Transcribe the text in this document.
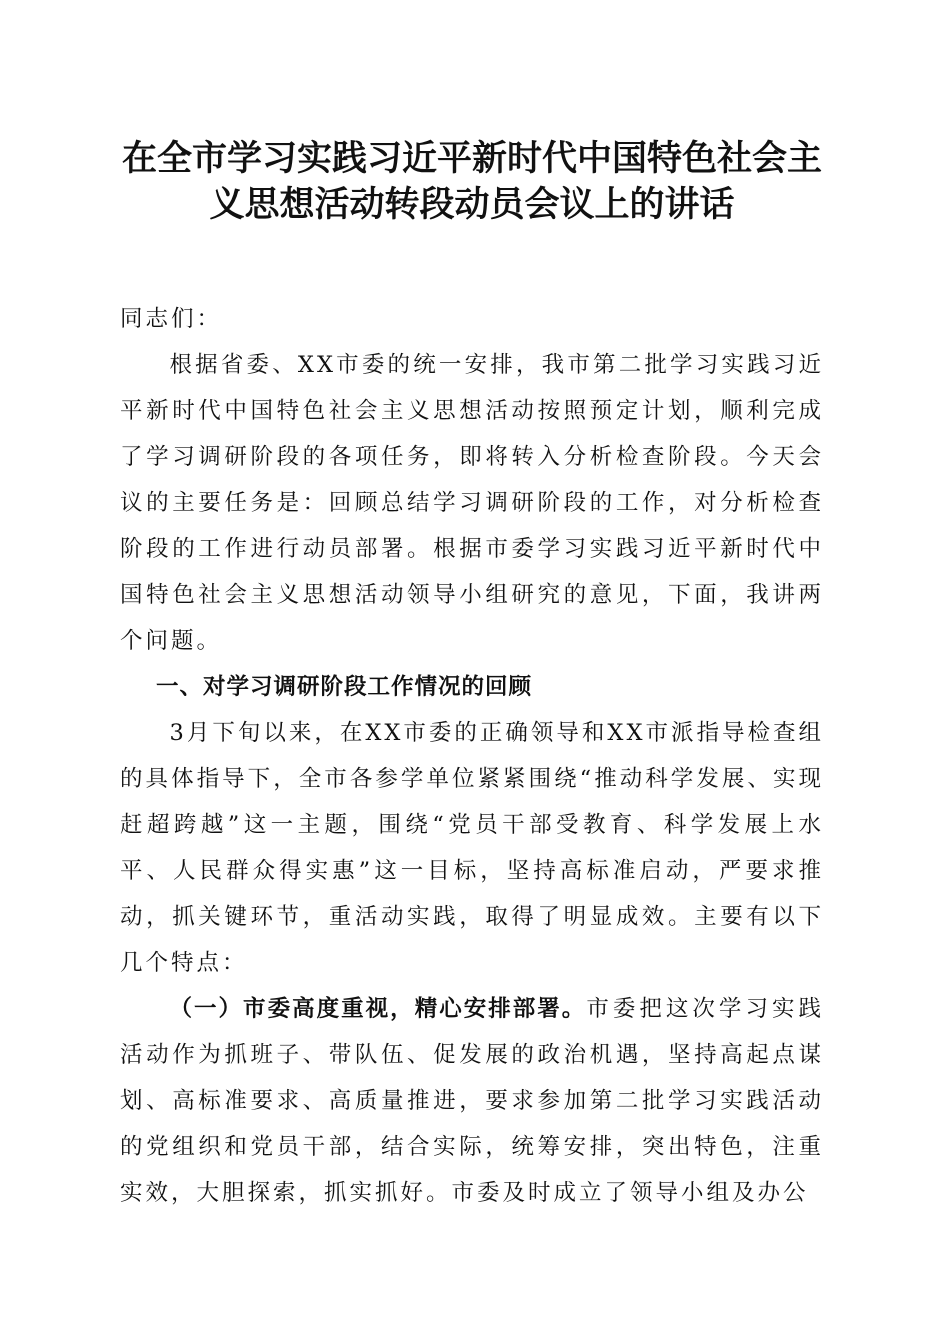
在全市学习实践习近平新时代中国特色社会主
义思想活动转段动员会议上的讲话

同志们：

根据省委、XX市委的统一安排，我市第二批学习实践习近平新时代中国特色社会主义思想活动按照预定计划，顺利完成了学习调研阶段的各项任务，即将转入分析检查阶段。今天会议的主要任务是：回顾总结学习调研阶段的工作，对分析检查阶段的工作进行动员部署。根据市委学习实践习近平新时代中国特色社会主义思想活动领导小组研究的意见，下面，我讲两个问题。

一、对学习调研阶段工作情况的回顾

3月下旬以来，在XX市委的正确领导和XX市派指导检查组的具体指导下，全市各参学单位紧紧围绕“推动科学发展、实现赶超跨越”这一主题，围绕“党员干部受教育、科学发展上水平、人民群众得实惠”这一目标，坚持高标准启动，严要求推动，抓关键环节，重活动实践，取得了明显成效。主要有以下几个特点：

（一）市委高度重视，精心安排部署。市委把这次学习实践活动作为抓班子、带队伍、促发展的政治机遇，坚持高起点谋划、高标准要求、高质量推进，要求参加第二批学习实践活动的党组织和党员干部，结合实际，统筹安排，突出特色，注重实效，大胆探索，抓实抓好。市委及时成立了领导小组及办公
